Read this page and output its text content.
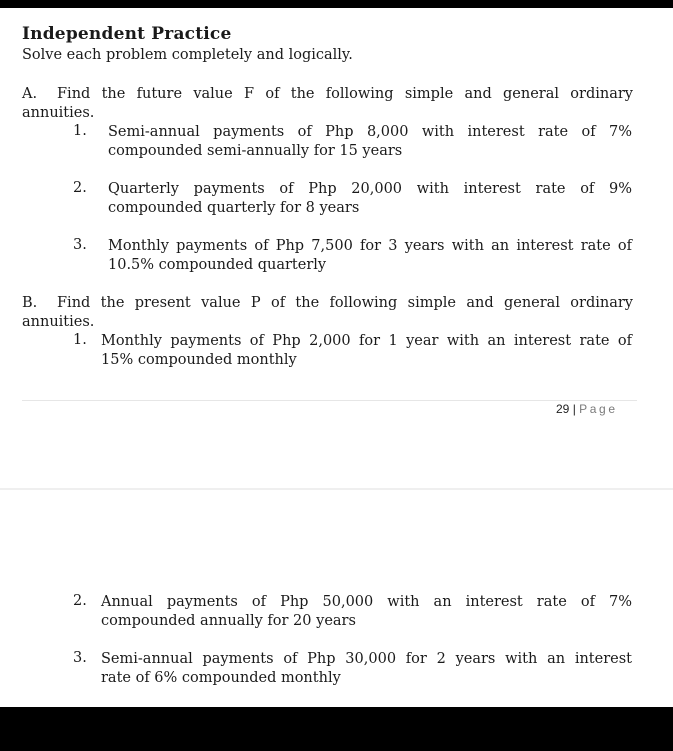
Independent Practice
Solve each problem completely and logically.
A. Find the future value F of the following simple and general ordinary
annuities.
1. Semi-annual payments of Php 8,000 with interest rate of 7%
compounded semi-annually for 15 years
2. Quarterly payments of Php 20,000 with interest rate of 9%
compounded quarterly for 8 years
3. Monthly payments of Php 7,500 for 3 years with an interest rate of
10.5% compounded quarterly
B. Find the present value P of the following simple and general ordinary
annuities.
1. Monthly payments of Php 2,000 for 1 year with an interest rate of
15% compounded monthly
29 | Page
2. Annual payments of Php 50,000 with an interest rate of 7%
compounded annually for 20 years
3. Semi-annual payments of Php 30,000 for 2 years with an interest
rate of 6% compounded monthly
